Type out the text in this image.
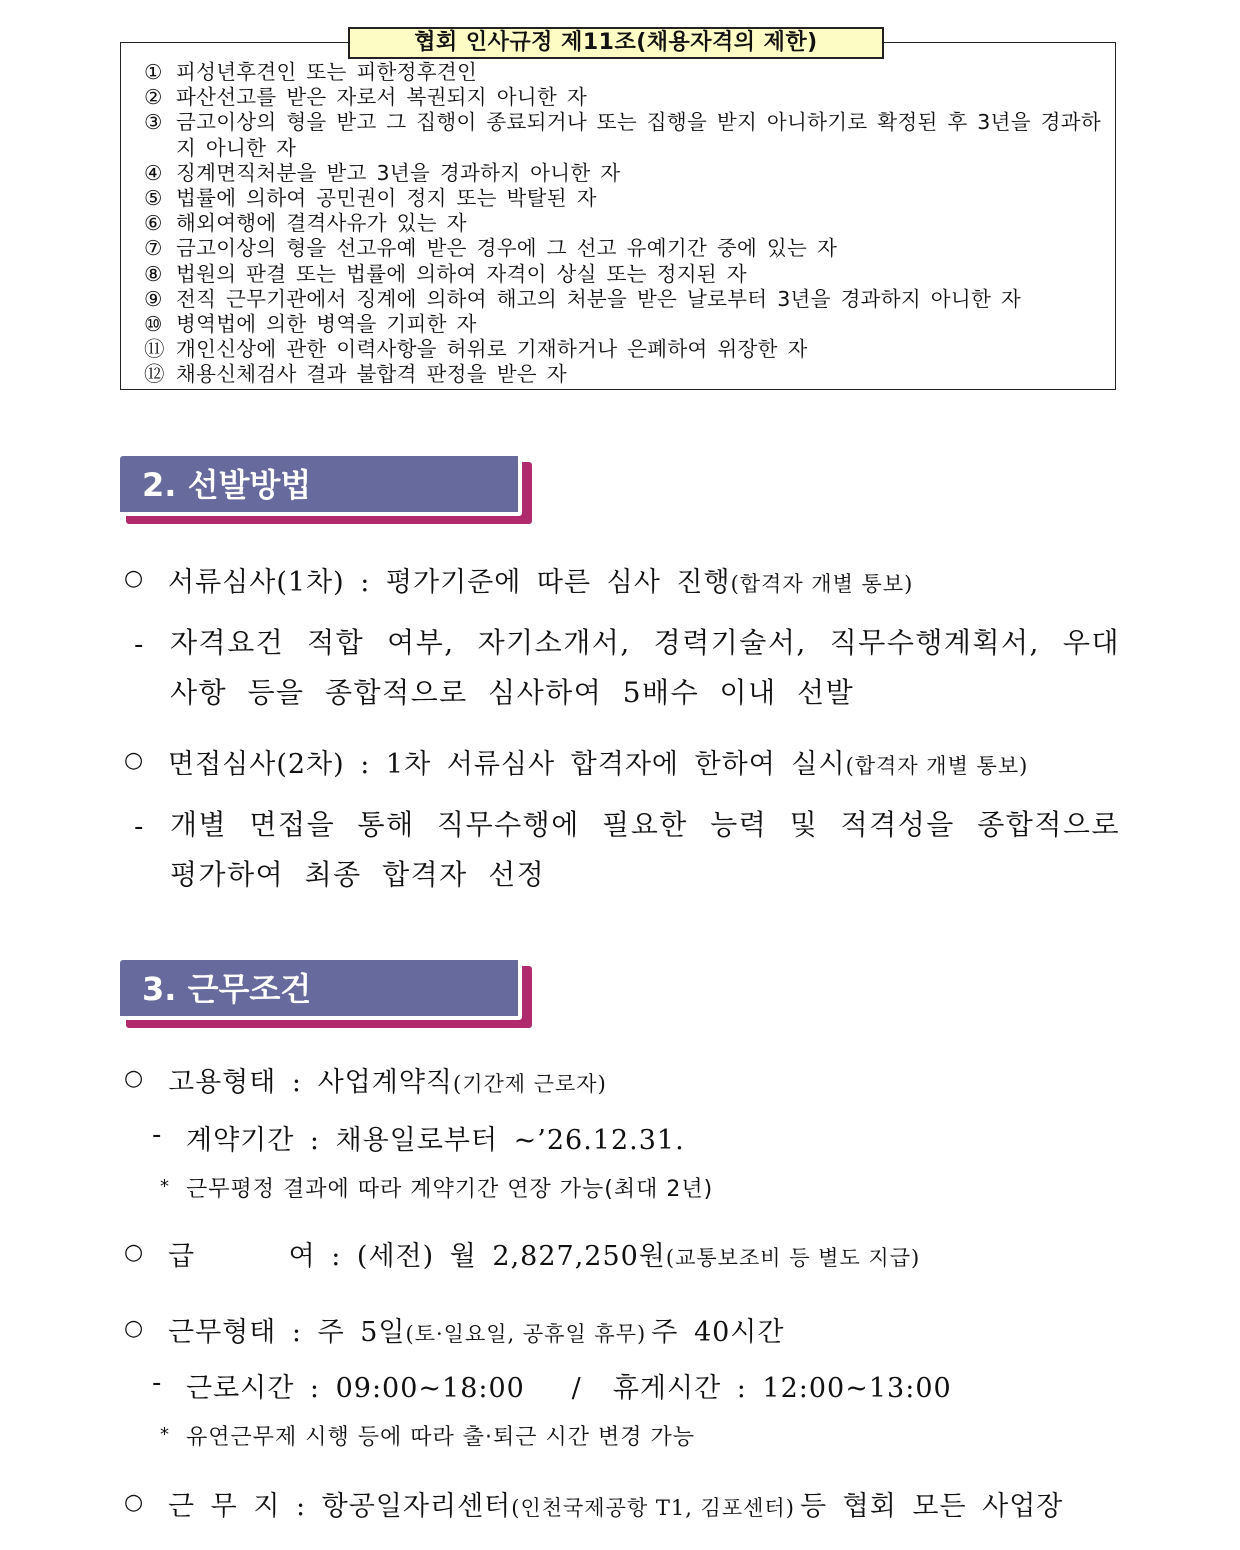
협회 인사규정 제11조(채용자격의 제한)
① 피성년후견인 또는 피한정후견인
② 파산선고를 받은 자로서 복권되지 아니한 자
③ 금고이상의 형을 받고 그 집행이 종료되거나 또는 집행을 받지 아니하기로 확정된 후 3년을 경과하지 아니한 자
④ 징계면직처분을 받고 3년을 경과하지 아니한 자
⑤ 법률에 의하여 공민권이 정지 또는 박탈된 자
⑥ 해외여행에 결격사유가 있는 자
⑦ 금고이상의 형을 선고유예 받은 경우에 그 선고 유예기간 중에 있는 자
⑧ 법원의 판결 또는 법률에 의하여 자격이 상실 또는 정지된 자
⑨ 전직 근무기관에서 징계에 의하여 해고의 처분을 받은 날로부터 3년을 경과하지 아니한 자
⑩ 병역법에 의한 병역을 기피한 자
⑪ 개인신상에 관한 이력사항을 허위로 기재하거나 은폐하여 위장한 자
⑫ 채용신체검사 결과 불합격 판정을 받은 자
2. 선발방법
○ 서류심사(1차) : 평가기준에 따른 심사 진행(합격자 개별 통보)
- 자격요건 적합 여부, 자기소개서, 경력기술서, 직무수행계획서, 우대사항 등을 종합적으로 심사하여 5배수 이내 선발
○ 면접심사(2차) : 1차 서류심사 합격자에 한하여 실시(합격자 개별 통보)
- 개별 면접을 통해 직무수행에 필요한 능력 및 적격성을 종합적으로 평가하여 최종 합격자 선정
3. 근무조건
○ 고용형태 : 사업계약직(기간제 근로자)
- 계약기간 : 채용일로부터 ~’26.12.31.
* 근무평정 결과에 따라 계약기간 연장 가능(최대 2년)
○ 급      여 : (세전) 월 2,827,250원(교통보조비 등 별도 지급)
○ 근무형태 : 주 5일(토·일요일, 공휴일 휴무) 주 40시간
- 근로시간 : 09:00~18:00   /  휴게시간 : 12:00~13:00
* 유연근무제 시행 등에 따라 출·퇴근 시간 변경 가능
○ 근 무 지 : 항공일자리센터(인천국제공항 T1, 김포센터) 등 협회 모든 사업장
